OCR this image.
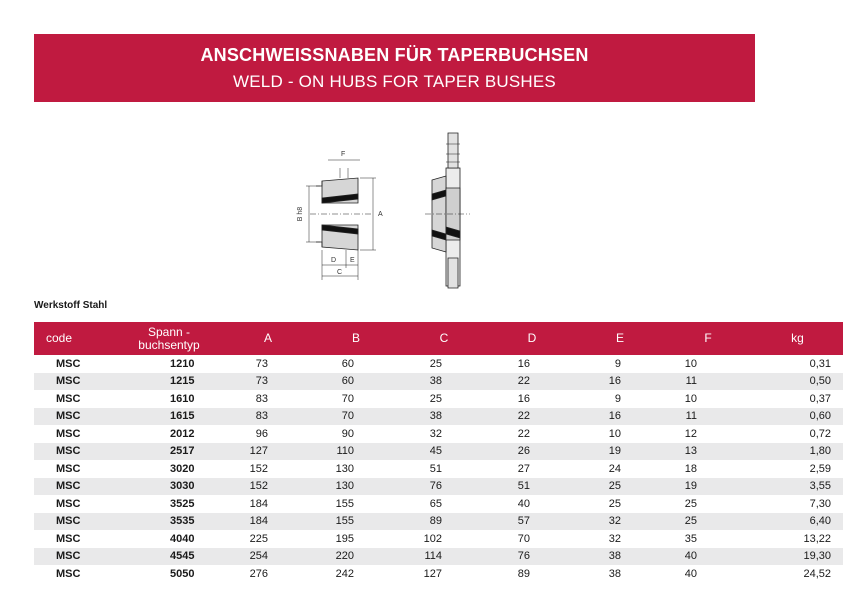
ANSCHWEISSNABEN FÜR TAPERBUCHSEN
WELD - ON HUBS FOR TAPER BUSHES
F
B h8	A
D E
C
Werkstoff Stahl
code	Spann -
buchsentyp	A	B	C	D	E	F	kg
MSC	1210	73	60	25	16	9	10	0,31
MSC	1215	73	60	38	22	16	11	0,50
MSC	1610	83	70	25	16	9	10	0,37
MSC	1615	83	70	38	22	16	11	0,60
MSC	2012	96	90	32	22	10	12	0,72
MSC	2517	127	110	45	26	19	13	1,80
MSC	3020	152	130	51	27	24	18	2,59
MSC	3030	152	130	76	51	25	19	3,55
MSC	3525	184	155	65	40	25	25	7,30
MSC	3535	184	155	89	57	32	25	6,40
MSC	4040	225	195	102	70	32	35	13,22
MSC	4545	254	220	114	76	38	40	19,30
MSC	5050	276	242	127	89	38	40	24,52
